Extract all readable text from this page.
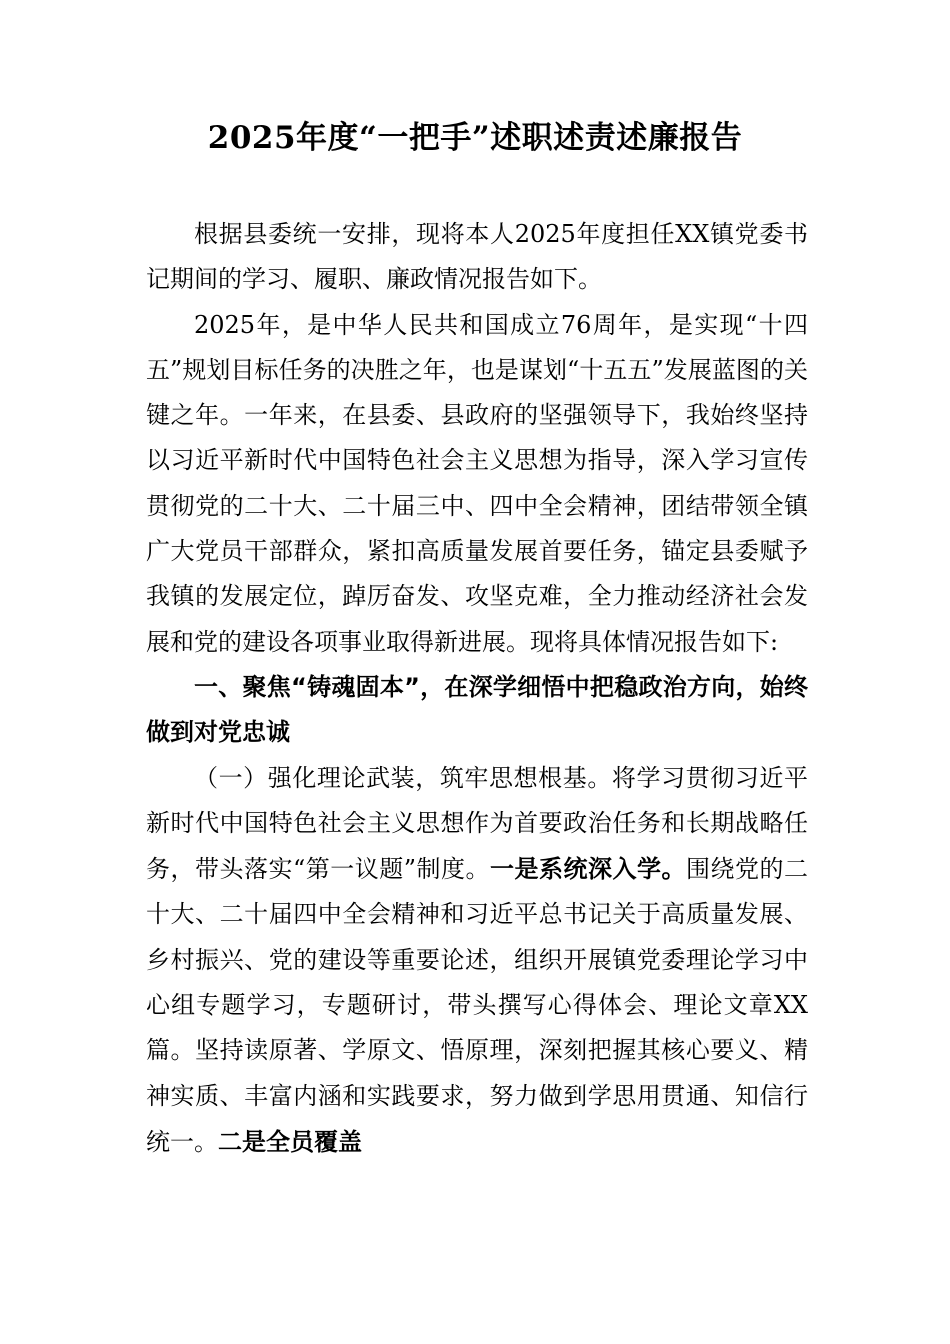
2025年度“一把手”述职述责述廉报告

根据县委统一安排，现将本人2025年度担任XX镇党委书记期间的学习、履职、廉政情况报告如下。

2025年，是中华人民共和国成立76周年，是实现“十四五”规划目标任务的决胜之年，也是谋划“十五五”发展蓝图的关键之年。一年来，在县委、县政府的坚强领导下，我始终坚持以习近平新时代中国特色社会主义思想为指导，深入学习宣传贯彻党的二十大、二十届三中、四中全会精神，团结带领全镇广大党员干部群众，紧扣高质量发展首要任务，锚定县委赋予我镇的发展定位，踔厉奋发、攻坚克难，全力推动经济社会发展和党的建设各项事业取得新进展。现将具体情况报告如下:

一、聚焦“铸魂固本”，在深学细悟中把稳政治方向，始终做到对党忠诚

（一）强化理论武装，筑牢思想根基。将学习贯彻习近平新时代中国特色社会主义思想作为首要政治任务和长期战略任务，带头落实“第一议题”制度。一是系统深入学。围绕党的二十大、二十届四中全会精神和习近平总书记关于高质量发展、乡村振兴、党的建设等重要论述，组织开展镇党委理论学习中心组专题学习，专题研讨，带头撰写心得体会、理论文章XX篇。坚持读原著、学原文、悟原理，深刻把握其核心要义、精神实质、丰富内涵和实践要求，努力做到学思用贯通、知信行统一。二是全员覆盖
